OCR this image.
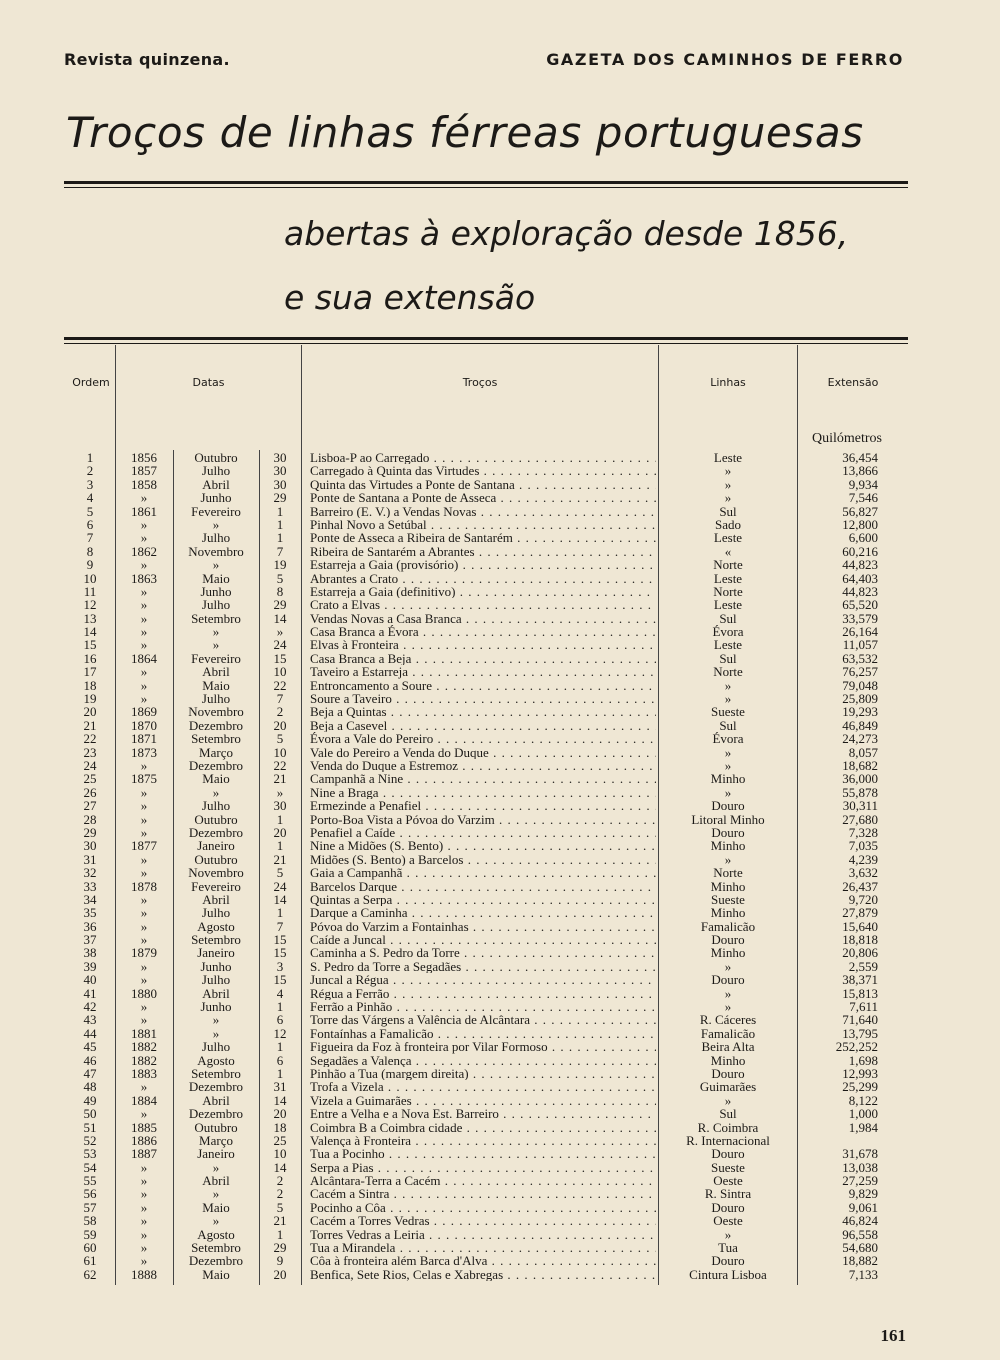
Revista quinzena.	GAZETA DOS CAMINHOS DE FERRO
Troços de linhas férreas portuguesas
abertas à exploração desde 1856,
e sua extensão
Ordem	Datas	Troços	Linhas	Extensão
Quilómetros
1	1856	Outubro	30	Lisboa-P ao Carregado . . .	Leste	36,454
2	1857	Julho	30	Carregado à Quinta das Virtudes . . .	»	13,866
3	1858	Abril	30	Quinta das Virtudes a Ponte de Santana . . .	»	9,934
4	»	Junho	29	Ponte de Santana a Ponte de Asseca . . .	»	7,546
5	1861	Fevereiro	1	Barreiro (E. V.) a Vendas Novas . . .	Sul	56,827
6	»	»	1	Pinhal Novo a Setúbal . . .	Sado	12,800
7	»	Julho	1	Ponte de Asseca a Ribeira de Santarém . . .	Leste	6,600
8	1862	Novembro	7	Ribeira de Santarém a Abrantes . . .	«	60,216
9	»	»	19	Estarreja a Gaia (provisório) . . .	Norte	44,823
10	1863	Maio	5	Abrantes a Crato . . .	Leste	64,403
11	»	Junho	8	Estarreja a Gaia (definitivo) . . .	Norte	44,823
12	»	Julho	29	Crato a Elvas . . .	Leste	65,520
13	»	Setembro	14	Vendas Novas a Casa Branca . . .	Sul	33,579
14	»	»	»	Casa Branca a Évora . . .	Évora	26,164
15	»	»	24	Elvas à Fronteira . . .	Leste	11,057
16	1864	Fevereiro	15	Casa Branca a Beja . . .	Sul	63,532
17	»	Abril	10	Taveiro a Estarreja . . .	Norte	76,257
18	»	Maio	22	Entroncamento a Soure . . .	»	79,048
19	»	Julho	7	Soure a Taveiro . . .	»	25,809
20	1869	Novembro	2	Beja a Quintas . . .	Sueste	19,293
21	1870	Dezembro	20	Beja a Casevel . . .	Sul	46,849
22	1871	Setembro	5	Évora a Vale do Pereiro . . .	Évora	24,273
23	1873	Março	10	Vale do Pereiro a Venda do Duque . . .	»	8,057
24	»	Dezembro	22	Venda do Duque a Estremoz . . .	»	18,682
25	1875	Maio	21	Campanhã a Nine . . .	Minho	36,000
26	»	»	»	Nine a Braga . . .	»	55,878
27	»	Julho	30	Ermezinde a Penafiel . . .	Douro	30,311
28	»	Outubro	1	Porto-Boa Vista a Póvoa do Varzim . . .	Litoral Minho	27,680
29	»	Dezembro	20	Penafiel a Caíde . . .	Douro	7,328
30	1877	Janeiro	1	Nine a Midões (S. Bento) . . .	Minho	7,035
31	»	Outubro	21	Midões (S. Bento) a Barcelos . . .	»	4,239
32	»	Novembro	5	Gaia a Campanhã . . .	Norte	3,632
33	1878	Fevereiro	24	Barcelos Darque . . .	Minho	26,437
34	»	Abril	14	Quintas a Serpa . . .	Sueste	9,720
35	»	Julho	1	Darque a Caminha . . .	Minho	27,879
36	»	Agosto	7	Póvoa do Varzim a Fontainhas . . .	Famalicão	15,640
37	»	Setembro	15	Caíde a Juncal . . .	Douro	18,818
38	1879	Janeiro	15	Caminha a S. Pedro da Torre . . .	Minho	20,806
39	»	Junho	3	S. Pedro da Torre a Segadães . . .	»	2,559
40	»	Julho	15	Juncal a Régua . . .	Douro	38,371
41	1880	Abril	4	Régua a Ferrão . . .	»	15,813
42	»	Junho	1	Ferrão a Pinhão . . .	»	7,611
43	»	»	6	Torre das Várgens a Valência de Alcântara . . .	R. Cáceres	71,640
44	1881	»	12	Fontaínhas a Famalicão . . .	Famalicão	13,795
45	1882	Julho	1	Figueira da Foz à fronteira por Vilar Formoso . . .	Beira Alta	252,252
46	1882	Agosto	6	Segadães a Valença . . .	Minho	1,698
47	1883	Setembro	1	Pinhão a Tua (margem direita) . . .	Douro	12,993
48	»	Dezembro	31	Trofa a Vizela . . .	Guimarães	25,299
49	1884	Abril	14	Vizela a Guimarães . . .	»	8,122
50	»	Dezembro	20	Entre a Velha e a Nova Est. Barreiro . . .	Sul	1,000
51	1885	Outubro	18	Coimbra B a Coimbra cidade . . .	R. Coimbra	1,984
52	1886	Março	25	Valença à Fronteira . . .	R. Internacional
53	1887	Janeiro	10	Tua a Pocinho . . .	Douro	31,678
54	»	»	14	Serpa a Pias . . .	Sueste	13,038
55	»	Abril	2	Alcântara-Terra a Cacém . . .	Oeste	27,259
56	»	»	2	Cacém a Sintra . . .	R. Sintra	9,829
57	»	Maio	5	Pocinho a Côa . . .	Douro	9,061
58	»	»	21	Cacém a Torres Vedras . . .	Oeste	46,824
59	»	Agosto	1	Torres Vedras a Leiria . . .	»	96,558
60	»	Setembro	29	Tua a Mirandela . . .	Tua	54,680
61	»	Dezembro	9	Côa à fronteira além Barca d'Alva . . .	Douro	18,882
62	1888	Maio	20	Benfica, Sete Rios, Celas e Xabregas . . .	Cintura Lisboa	7,133
161
